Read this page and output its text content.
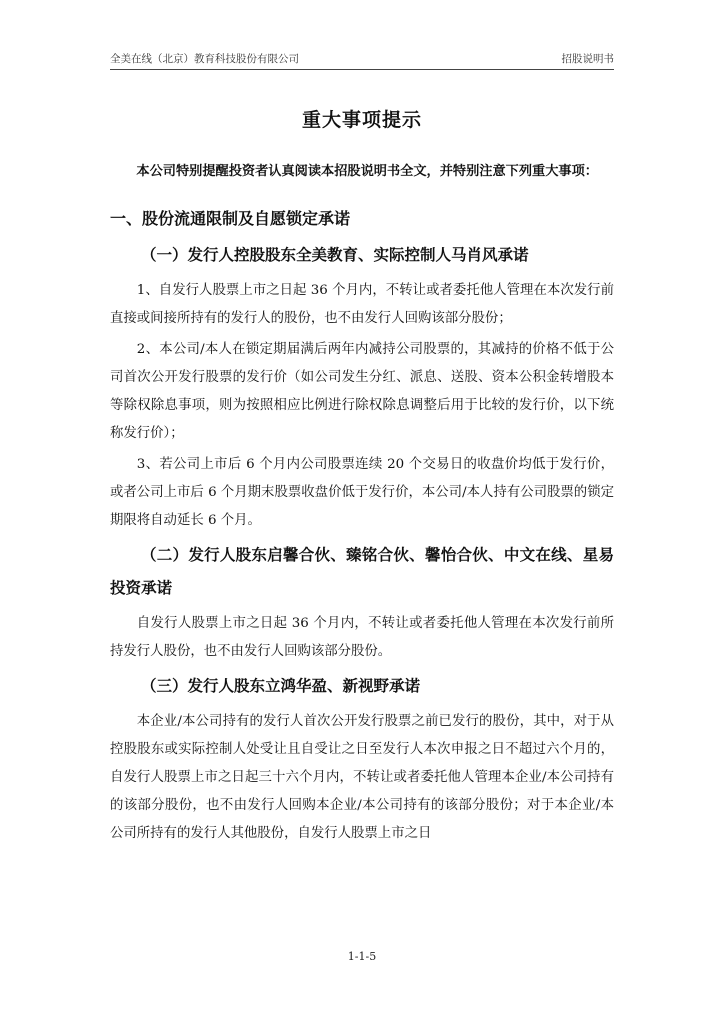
全美在线（北京）教育科技股份有限公司	招股说明书
重大事项提示

本公司特别提醒投资者认真阅读本招股说明书全文，并特别注意下列重大事项：

一、股份流通限制及自愿锁定承诺
（一）发行人控股股东全美教育、实际控制人马肖风承诺

1、自发行人股票上市之日起 36 个月内，不转让或者委托他人管理在本次发行前直接或间接所持有的发行人的股份，也不由发行人回购该部分股份；

2、本公司/本人在锁定期届满后两年内减持公司股票的，其减持的价格不低于公司首次公开发行股票的发行价（如公司发生分红、派息、送股、资本公积金转增股本等除权除息事项，则为按照相应比例进行除权除息调整后用于比较的发行价，以下统称发行价）；

3、若公司上市后 6 个月内公司股票连续 20 个交易日的收盘价均低于发行价，或者公司上市后 6 个月期末股票收盘价低于发行价，本公司/本人持有公司股票的锁定期限将自动延长 6 个月。

（二）发行人股东启馨合伙、臻铭合伙、馨怡合伙、中文在线、星易投资承诺

自发行人股票上市之日起 36 个月内，不转让或者委托他人管理在本次发行前所持发行人股份，也不由发行人回购该部分股份。

（三）发行人股东立鸿华盈、新视野承诺

本企业/本公司持有的发行人首次公开发行股票之前已发行的股份，其中，对于从控股股东或实际控制人处受让且自受让之日至发行人本次申报之日不超过六个月的，自发行人股票上市之日起三十六个月内，不转让或者委托他人管理本企业/本公司持有的该部分股份，也不由发行人回购本企业/本公司持有的该部分股份；对于本企业/本公司所持有的发行人其他股份，自发行人股票上市之日

1-1-5
